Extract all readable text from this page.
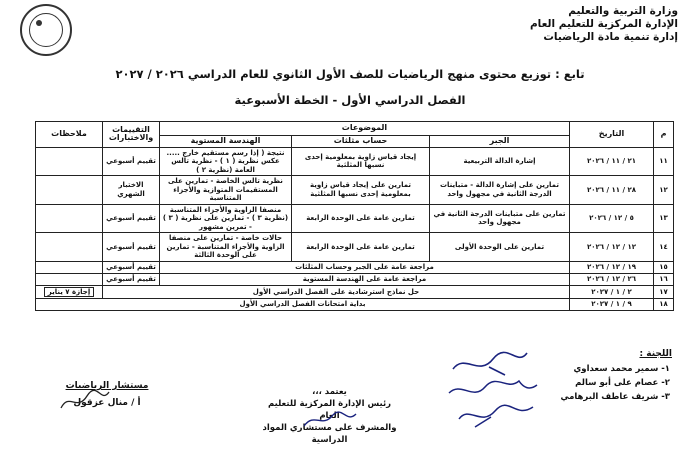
وزارة التربية والتعليم
الإدارة المركزية للتعليم العام
إدارة تنمية مادة الرياضيات
تابع : توزيع محتوى منهج الرياضيات للصف الأول الثانوي للعام الدراسي ٢٠٢٦ / ٢٠٢٧
الفصل الدراسي الأول - الخطة الأسبوعية
م	التاريخ	الموضوعات			التقييمات والاختبارات	ملاحظات
		الجبر	حساب مثلثات	الهندسة المستوية		
١١	٢١ / ١١ / ٢٠٢٦	إشارة الدالة التربيعية	إيجاد قياس زاوية بمعلومية إحدى نسبها المثلثية	نتيجة ( إذا رسم مستقيم خارج ..... عكس نظرية ( ١ ) - نظرية تالس العامة (نظرية ٢ )	تقييم أسبوعي	
١٢	٢٨ / ١١ / ٢٠٢٦	تمارين على إشارة الدالة - متباينات الدرجة الثانية في مجهول واحد	تمارين على إيجاد قياس زاوية بمعلومية إحدى نسبها المثلثية	نظرية تالس الخاصة - تمارين على المستقيمات المتوازية والأجزاء المتناسبة	الاختبار الشهري	
١٣	٥ / ١٢ / ٢٠٢٦	تمارين على متباينات الدرجة الثانية في مجهول واحد	تمارين عامة على الوحدة الرابعة	منصفا الزاوية والأجزاء المتناسبة (نظرية ٣ ) - تمارين على نظرية ( ٣ ) - تمرين مشهور	تقييم أسبوعي	
١٤	١٢ / ١٢ / ٢٠٢٦	تمارين على الوحدة الأولى	تمارين عامة على الوحدة الرابعة	حالات خاصة - تمارين على منصفا الزاوية والأجزاء المتناسبة - تمارين على الوحدة الثالثة	تقييم أسبوعي	
١٥	١٩ / ١٢ / ٢٠٢٦	مراجعة عامة على الجبر وحساب المثلثات			تقييم أسبوعي	
١٦	٢٦ / ١٢ / ٢٠٢٦	مراجعة عامة على الهندسة المستوية			تقييم أسبوعي	
١٧	٢ / ١ / ٢٠٢٧	حل نماذج استرشادية على الفصل الدراسي الأول				إجازة ٧ يناير
١٨	٩ / ١ / ٢٠٢٧	بداية امتحانات الفصل الدراسي الأول				
اللجنة :
١- سمير محمد سعداوي
٢- عصام على أبو سالم
٣- شريف عاطف البرهامي
يعتمد ،،،
رئيس الإدارة المركزية للتعليم العام
والمشرف على مستشاري المواد الدراسية
مستشار الرياضيات
أ / منال عزقول
